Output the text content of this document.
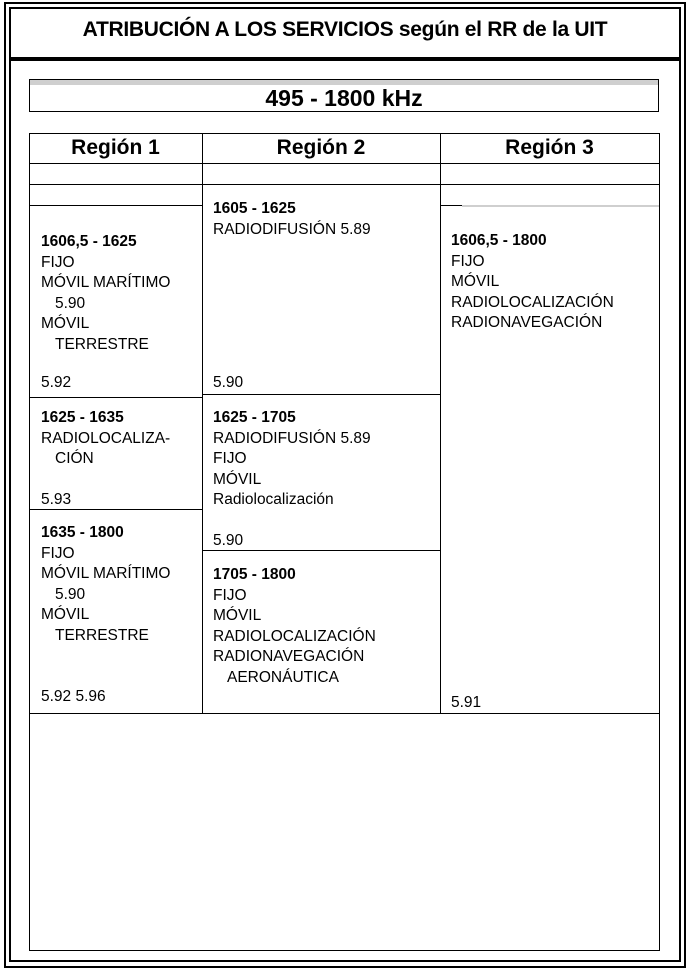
ATRIBUCIÓN A LOS SERVICIOS según el RR de la UIT
495 - 1800 kHz
Región 1	Región 2	Región 3
1606,5 - 1625
FIJO
MÓVIL MARÍTIMO
5.90
MÓVIL
TERRESTRE
5.92
1625 - 1635
RADIOLOCALIZA-
CIÓN
5.93
1635 - 1800
FIJO
MÓVIL MARÍTIMO
5.90
MÓVIL
TERRESTRE
5.92 5.96
1605 - 1625
RADIODIFUSIÓN 5.89
5.90
1625 - 1705
RADIODIFUSIÓN 5.89
FIJO
MÓVIL
Radiolocalización
5.90
1705 - 1800
FIJO
MÓVIL
RADIOLOCALIZACIÓN
RADIONAVEGACIÓN
AERONÁUTICA
1606,5 - 1800
FIJO
MÓVIL
RADIOLOCALIZACIÓN
RADIONAVEGACIÓN
5.91
